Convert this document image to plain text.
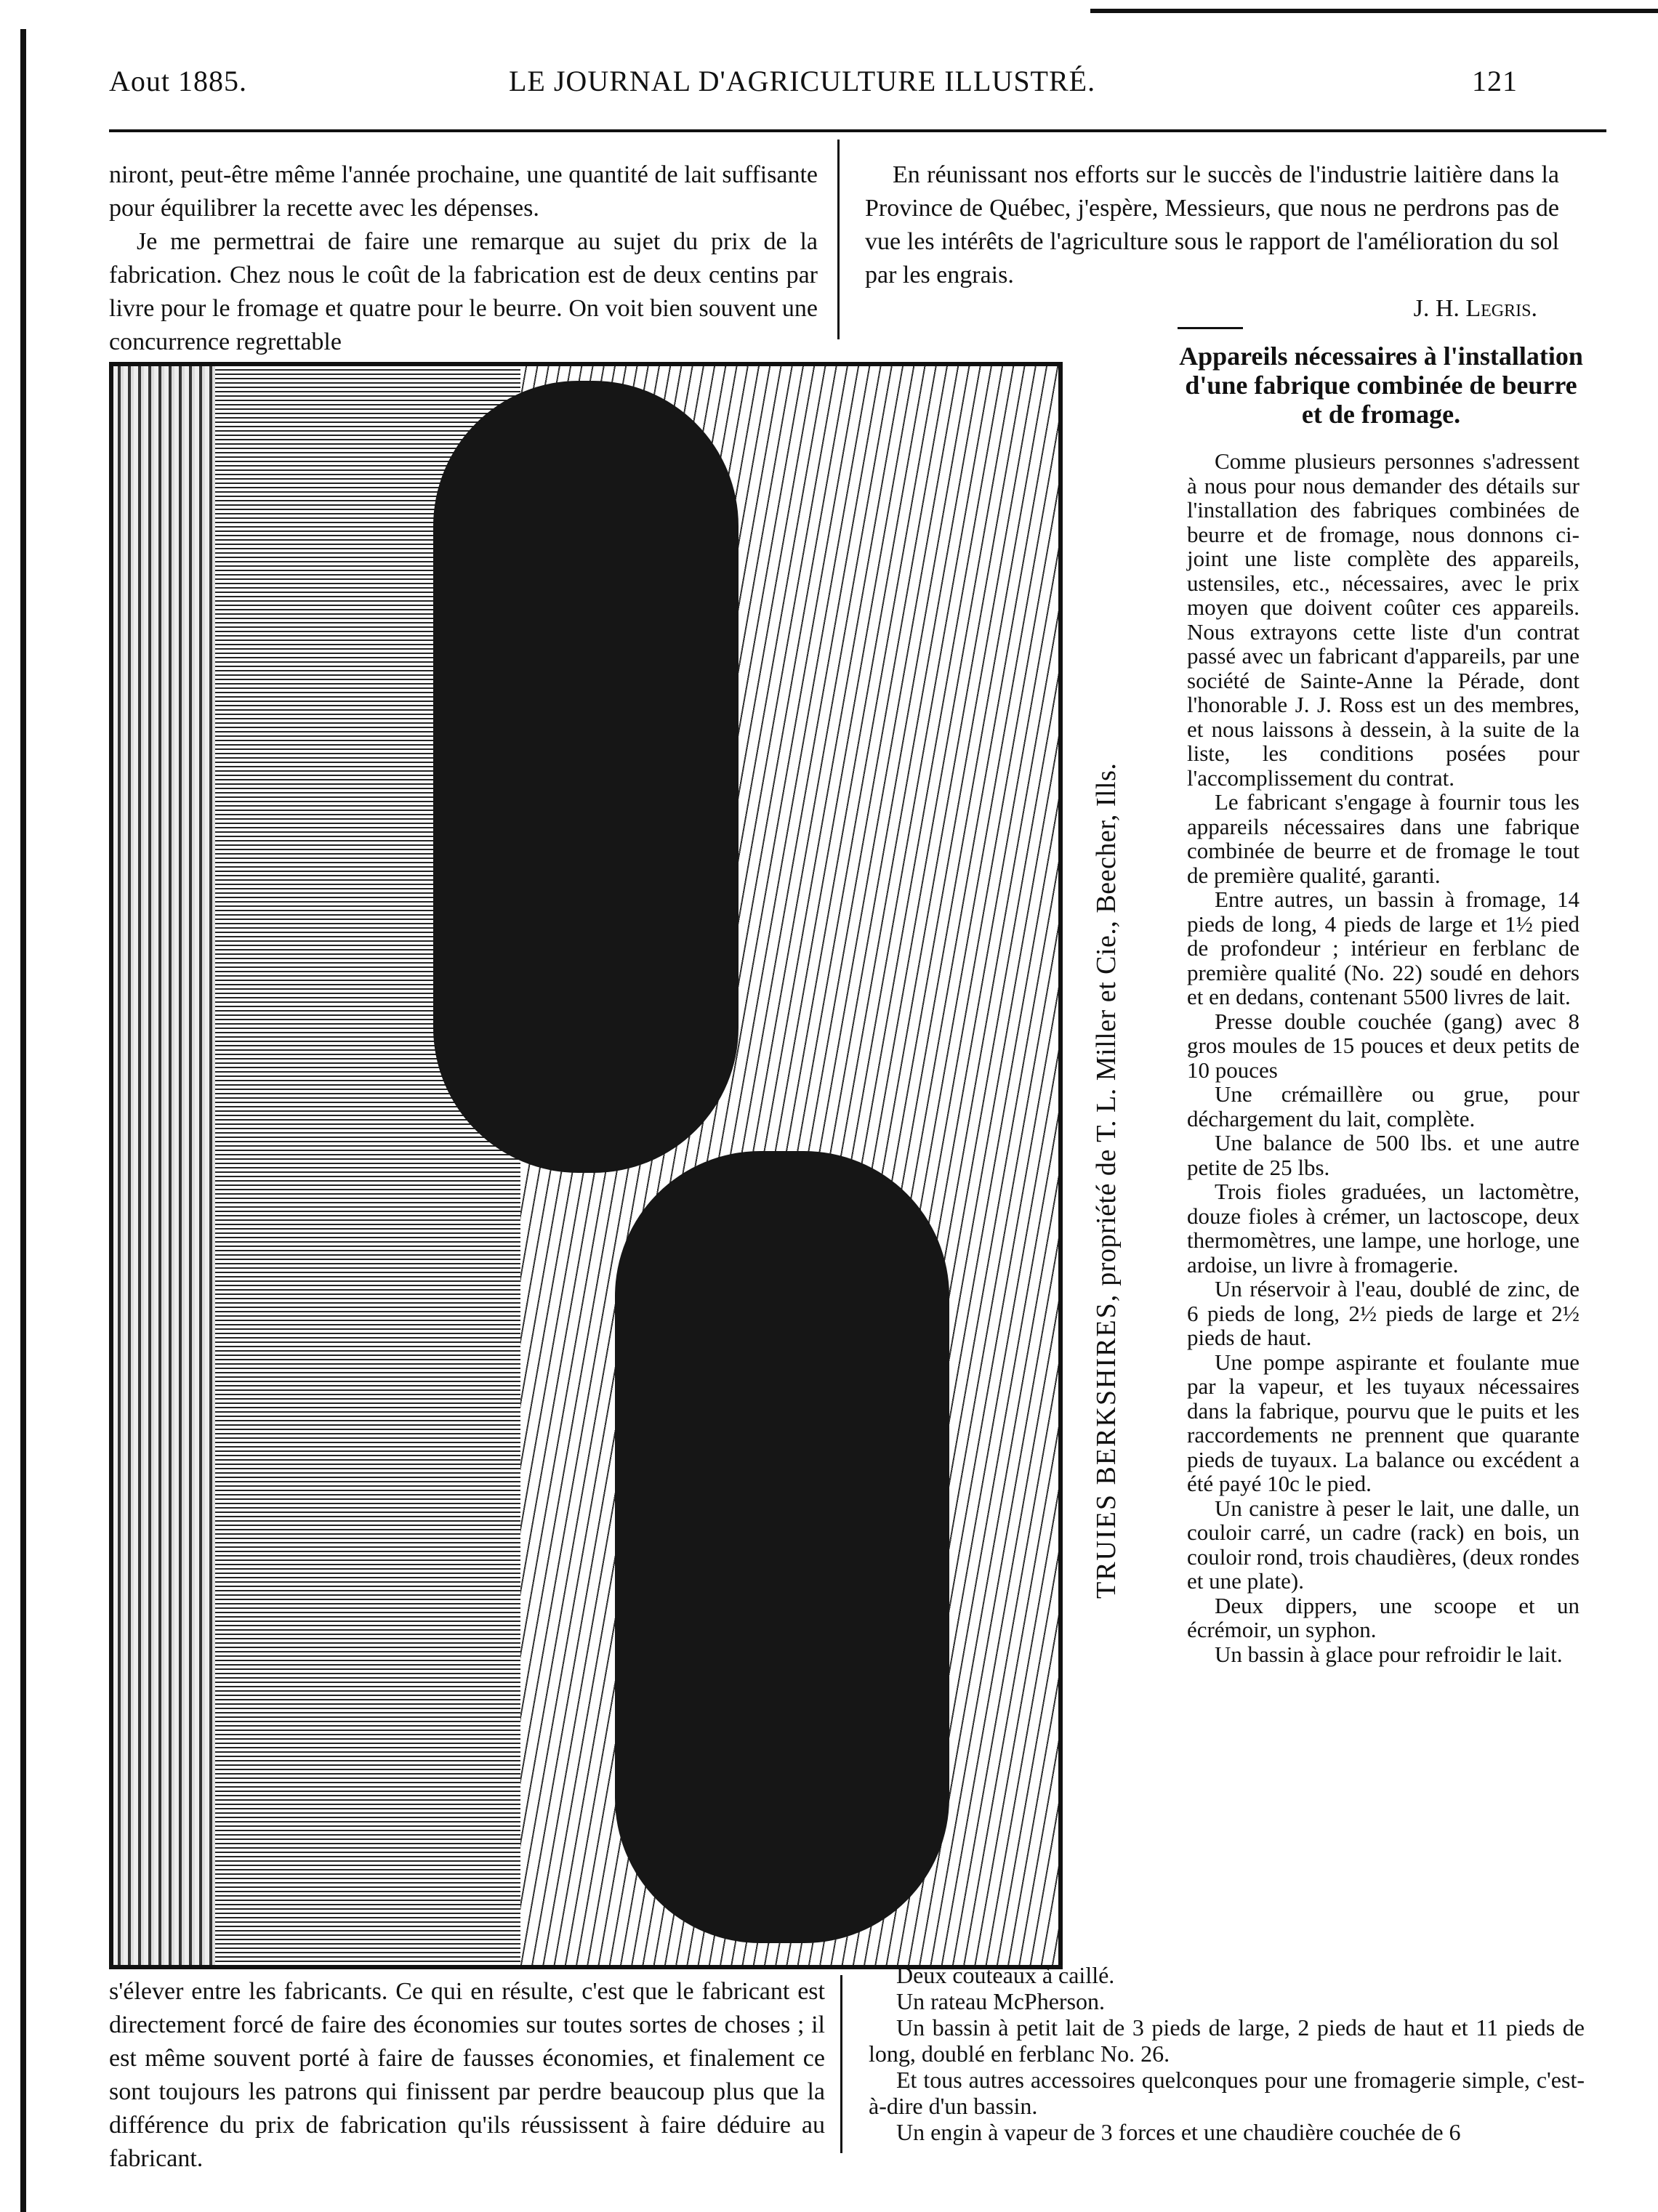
Aout 1885.	LE JOURNAL D'AGRICULTURE ILLUSTRÉ.	121

niront, peut-être même l'année prochaine, une quantité de lait suffisante pour équilibrer la recette avec les dépenses.

Je me permettrai de faire une remarque au sujet du prix de la fabrication. Chez nous le coût de la fabrication est de deux centins par livre pour le fromage et quatre pour le beurre. On voit bien souvent une concurrence regrettable

En réunissant nos efforts sur le succès de l'industrie laitière dans la Province de Québec, j'espère, Messieurs, que nous ne perdrons pas de vue les intérêts de l'agriculture sous le rapport de l'amélioration du sol par les engrais.

J. H. Legris.

TRUIES BERKSHIRES, propriété de T. L. Miller et Cie., Beecher, Ills.

Appareils nécessaires à l'installation d'une fabrique combinée de beurre et de fromage.

Comme plusieurs personnes s'adressent à nous pour nous demander des détails sur l'installation des fabriques combinées de beurre et de fromage, nous donnons ci-joint une liste complète des appareils, ustensiles, etc., nécessaires, avec le prix moyen que doivent coûter ces appareils. Nous extrayons cette liste d'un contrat passé avec un fabricant d'appareils, par une société de Sainte-Anne la Pérade, dont l'honorable J. J. Ross est un des membres, et nous laissons à dessein, à la suite de la liste, les conditions posées pour l'accomplissement du contrat.

Le fabricant s'engage à fournir tous les appareils nécessaires dans une fabrique combinée de beurre et de fromage le tout de première qualité, garanti.

Entre autres, un bassin à fromage, 14 pieds de long, 4 pieds de large et 1½ pied de profondeur ; intérieur en ferblanc de première qualité (No. 22) soudé en dehors et en dedans, contenant 5500 livres de lait.

Presse double couchée (gang) avec 8 gros moules de 15 pouces et deux petits de 10 pouces

Une crémaillère ou grue, pour déchargement du lait, complète.

Une balance de 500 lbs. et une autre petite de 25 lbs.

Trois fioles graduées, un lactomètre, douze fioles à crémer, un lactoscope, deux thermomètres, une lampe, une horloge, une ardoise, un livre à fromagerie.

Un réservoir à l'eau, doublé de zinc, de 6 pieds de long, 2½ pieds de large et 2½ pieds de haut.

Une pompe aspirante et foulante mue par la vapeur, et les tuyaux nécessaires dans la fabrique, pourvu que le puits et les raccordements ne prennent que quarante pieds de tuyaux. La balance ou excédent a été payé 10c le pied.

Un canistre à peser le lait, une dalle, un couloir carré, un cadre (rack) en bois, un couloir rond, trois chaudières, (deux rondes et une plate).

Deux dippers, une scoope et un écrémoir, un syphon.

Un bassin à glace pour refroidir le lait.

s'élever entre les fabricants. Ce qui en résulte, c'est que le fabricant est directement forcé de faire des économies sur toutes sortes de choses ; il est même souvent porté à faire de fausses économies, et finalement ce sont toujours les patrons qui finissent par perdre beaucoup plus que la différence du prix de fabrication qu'ils réussissent à faire déduire au fabricant.

Deux couteaux à caillé.

Un rateau McPherson.

Un bassin à petit lait de 3 pieds de large, 2 pieds de haut et 11 pieds de long, doublé en ferblanc No. 26.

Et tous autres accessoires quelconques pour une fromagerie simple, c'est-à-dire d'un bassin.

Un engin à vapeur de 3 forces et une chaudière couchée de 6
